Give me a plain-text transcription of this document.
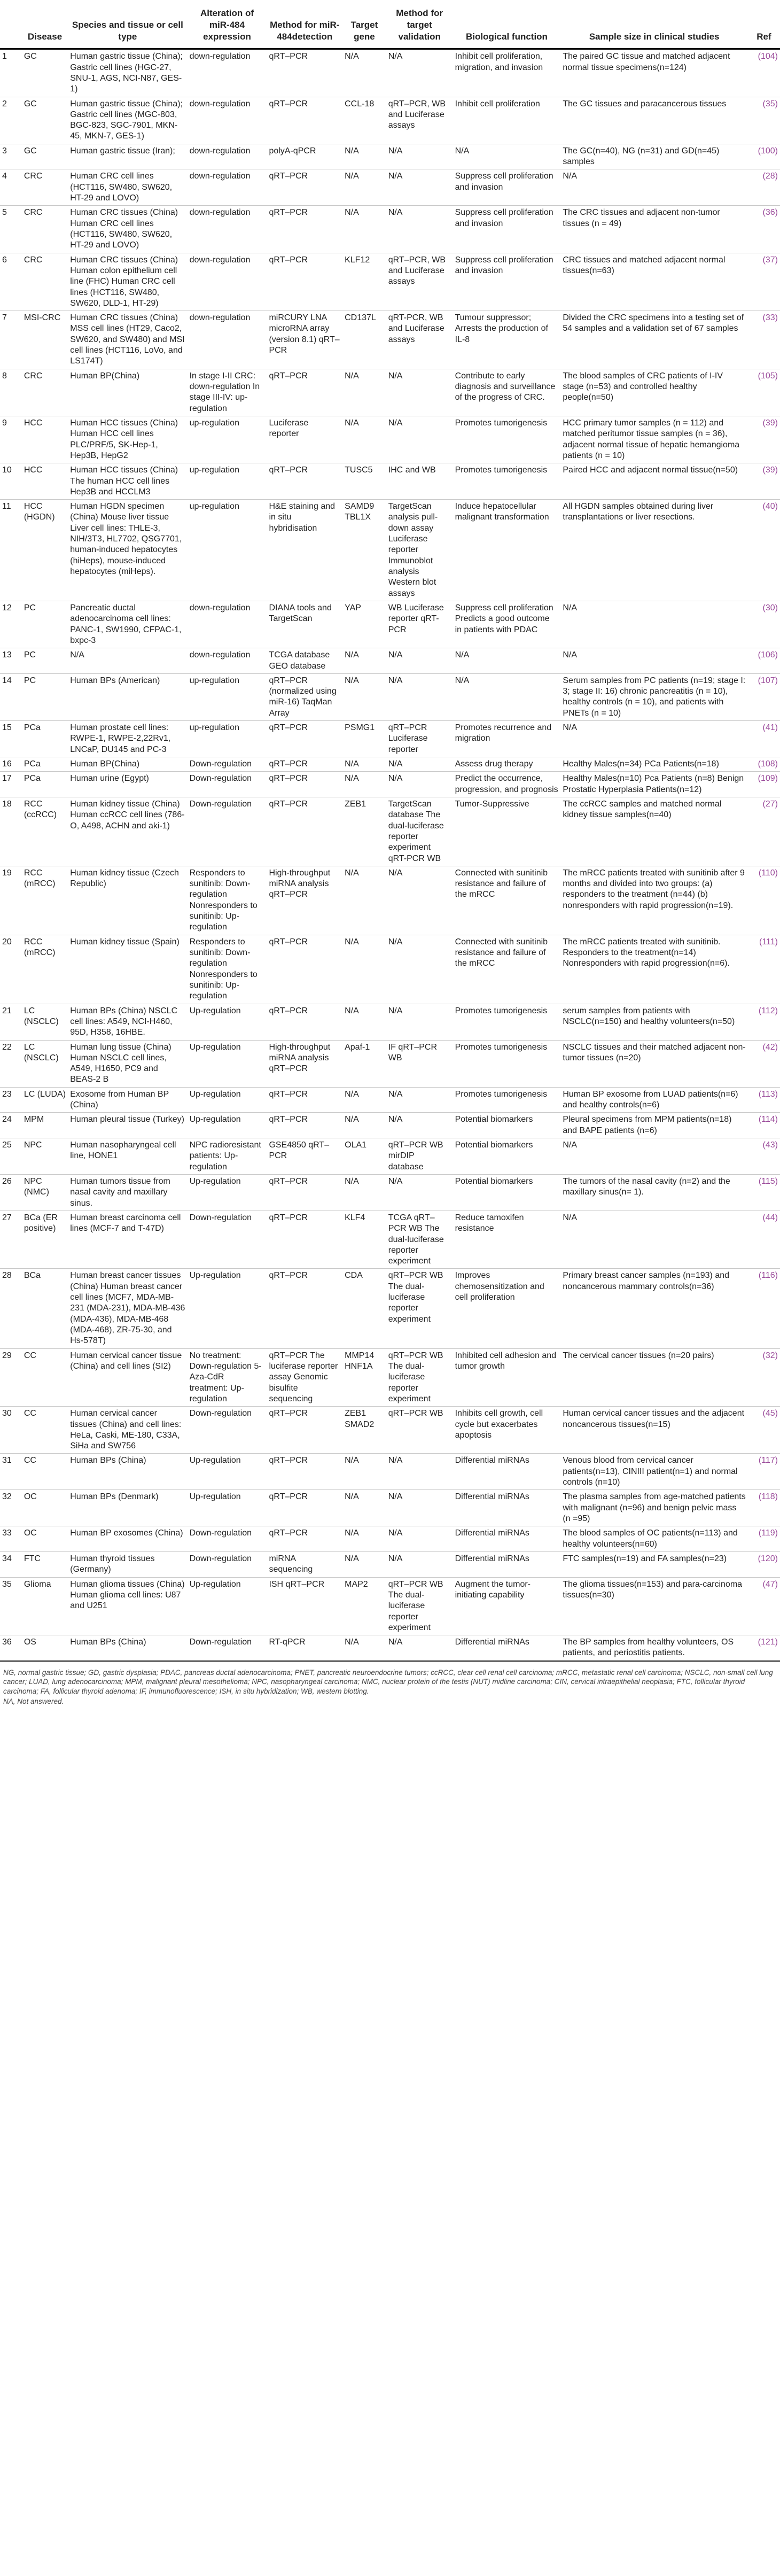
	Disease	Species and tissue or cell type	Alteration of miR-484 expression	Method for miR-484detection	Target gene	Method for target validation	Biological function	Sample size in clinical studies	Ref
1	GC	Human gastric tissue (China); Gastric cell lines (HGC-27, SNU-1, AGS, NCI-N87, GES-1)	down-regulation	qRT–PCR	N/A	N/A	Inhibit cell proliferation, migration, and invasion	The paired GC tissue and matched adjacent normal tissue specimens(n=124)	(104)
2	GC	Human gastric tissue (China); Gastric cell lines (MGC-803, BGC-823, SGC-7901, MKN-45, MKN-7, GES-1)	down-regulation	qRT–PCR	CCL-18	qRT–PCR, WB and Luciferase assays	Inhibit cell proliferation	The GC tissues and paracancerous tissues	(35)
3	GC	Human gastric tissue (Iran);	down-regulation	polyA-qPCR	N/A	N/A	N/A	The GC(n=40), NG (n=31) and GD(n=45) samples	(100)
4	CRC	Human CRC cell lines (HCT116, SW480, SW620, HT-29 and LOVO)	down-regulation	qRT–PCR	N/A	N/A	Suppress cell proliferation and invasion	N/A	(28)
5	CRC	Human CRC tissues (China) Human CRC cell lines (HCT116, SW480, SW620, HT-29 and LOVO)	down-regulation	qRT–PCR	N/A	N/A	Suppress cell proliferation and invasion	The CRC tissues and adjacent non-tumor tissues (n = 49)	(36)
6	CRC	Human CRC tissues (China) Human colon epithelium cell line (FHC) Human CRC cell lines (HCT116, SW480, SW620, DLD-1, HT-29)	down-regulation	qRT–PCR	KLF12	qRT–PCR, WB and Luciferase assays	Suppress cell proliferation and invasion	CRC tissues and matched adjacent normal tissues(n=63)	(37)
7	MSI-CRC	Human CRC tissues (China) MSS cell lines (HT29, Caco2, SW620, and SW480) and MSI cell lines (HCT116, LoVo, and LS174T)	down-regulation	miRCURY LNA microRNA array (version 8.1) qRT–PCR	CD137L	qRT-PCR, WB and Luciferase assays	Tumour suppressor; Arrests the production of IL-8	Divided the CRC specimens into a testing set of 54 samples and a validation set of 67 samples	(33)
8	CRC	Human BP(China)	In stage I-II CRC: down-regulation In stage III-IV: up-regulation	qRT–PCR	N/A	N/A	Contribute to early diagnosis and surveillance of the progress of CRC.	The blood samples of CRC patients of I-IV stage (n=53) and controlled healthy people(n=50)	(105)
9	HCC	Human HCC tissues (China) Human HCC cell lines PLC/PRF/5, SK-Hep-1, Hep3B, HepG2	up-regulation	Luciferase reporter	N/A	N/A	Promotes tumorigenesis	HCC primary tumor samples (n = 112) and matched peritumor tissue samples (n = 36), adjacent normal tissue of hepatic hemangioma patients (n = 10)	(39)
10	HCC	Human HCC tissues (China) The human HCC cell lines Hep3B and HCCLM3	up-regulation	qRT–PCR	TUSC5	IHC and WB	Promotes tumorigenesis	Paired HCC and adjacent normal tissue(n=50)	(39)
11	HCC (HGDN)	Human HGDN specimen (China) Mouse liver tissue Liver cell lines: THLE-3, NIH/3T3, HL7702, QSG7701, human-induced hepatocytes (hiHeps), mouse-induced hepatocytes (miHeps).	up-regulation	H&E staining and in situ hybridisation	SAMD9 TBL1X	TargetScan analysis pull-down assay Luciferase reporter Immunoblot analysis Western blot assays	Induce hepatocellular malignant transformation	All HGDN samples obtained during liver transplantations or liver resections.	(40)
12	PC	Pancreatic ductal adenocarcinoma cell lines: PANC-1, SW1990, CFPAC-1, bxpc-3	down-regulation	DIANA tools and TargetScan	YAP	WB Luciferase reporter qRT-PCR	Suppress cell proliferation Predicts a good outcome in patients with PDAC	N/A	(30)
13	PC	N/A	down-regulation	TCGA database GEO database	N/A	N/A	N/A	N/A	(106)
14	PC	Human BPs (American)	up-regulation	qRT–PCR (normalized using miR-16) TaqMan Array	N/A	N/A	N/A	Serum samples from PC patients (n=19; stage I: 3; stage II: 16) chronic pancreatitis (n = 10), healthy controls (n = 10), and patients with PNETs (n = 10)	(107)
15	PCa	Human prostate cell lines: RWPE-1, RWPE-2,22Rv1, LNCaP, DU145 and PC-3	up-regulation	qRT–PCR	PSMG1	qRT–PCR Luciferase reporter	Promotes recurrence and migration	N/A	(41)
16	PCa	Human BP(China)	Down-regulation	qRT–PCR	N/A	N/A	Assess drug therapy	Healthy Males(n=34) PCa Patients(n=18)	(108)
17	PCa	Human urine (Egypt)	Down-regulation	qRT–PCR	N/A	N/A	Predict the occurrence, progression, and prognosis	Healthy Males(n=10) Pca Patients (n=8) Benign Prostatic Hyperplasia Patients(n=12)	(109)
18	RCC (ccRCC)	Human kidney tissue (China) Human ccRCC cell lines (786-O, A498, ACHN and aki-1)	Down-regulation	qRT–PCR	ZEB1	TargetScan database The dual-luciferase reporter experiment qRT-PCR WB	Tumor-Suppressive	The ccRCC samples and matched normal kidney tissue samples(n=40)	(27)
19	RCC (mRCC)	Human kidney tissue (Czech Republic)	Responders to sunitinib: Down-regulation Nonresponders to sunitinib: Up-regulation	High-throughput miRNA analysis qRT–PCR	N/A	N/A	Connected with sunitinib resistance and failure of the mRCC	The mRCC patients treated with sunitinib after 9 months and divided into two groups: (a) responders to the treatment (n=44) (b) nonresponders with rapid progression(n=19).	(110)
20	RCC (mRCC)	Human kidney tissue (Spain)	Responders to sunitinib: Down-regulation Nonresponders to sunitinib: Up-regulation	qRT–PCR	N/A	N/A	Connected with sunitinib resistance and failure of the mRCC	The mRCC patients treated with sunitinib. Responders to the treatment(n=14) Nonresponders with rapid progression(n=6).	(111)
21	LC (NSCLC)	Human BPs (China) NSCLC cell lines: A549, NCI-H460, 95D, H358, 16HBE.	Up-regulation	qRT–PCR	N/A	N/A	Promotes tumorigenesis	serum samples from patients with NSCLC(n=150) and healthy volunteers(n=50)	(112)
22	LC (NSCLC)	Human lung tissue (China) Human NSCLC cell lines, A549, H1650, PC9 and BEAS-2 B	Up-regulation	High-throughput miRNA analysis qRT–PCR	Apaf-1	IF qRT–PCR WB	Promotes tumorigenesis	NSCLC tissues and their matched adjacent non-tumor tissues (n=20)	(42)
23	LC (LUDA)	Exosome from Human BP (China)	Up-regulation	qRT–PCR	N/A	N/A	Promotes tumorigenesis	Human BP exosome from LUAD patients(n=6) and healthy controls(n=6)	(113)
24	MPM	Human pleural tissue (Turkey)	Up-regulation	qRT–PCR	N/A	N/A	Potential biomarkers	Pleural specimens from MPM patients(n=18) and BAPE patients (n=6)	(114)
25	NPC	Human nasopharyngeal cell line, HONE1	NPC radioresistant patients: Up-regulation	GSE4850 qRT–PCR	OLA1	qRT–PCR WB mirDIP database	Potential biomarkers	N/A	(43)
26	NPC (NMC)	Human tumors tissue from nasal cavity and maxillary sinus.	Up-regulation	qRT–PCR	N/A	N/A	Potential biomarkers	The tumors of the nasal cavity (n=2) and the maxillary sinus(n= 1).	(115)
27	BCa (ER positive)	Human breast carcinoma cell lines (MCF-7 and T-47D)	Down-regulation	qRT–PCR	KLF4	TCGA qRT–PCR WB The dual-luciferase reporter experiment	Reduce tamoxifen resistance	N/A	(44)
28	BCa	Human breast cancer tissues (China) Human breast cancer cell lines (MCF7, MDA-MB-231 (MDA-231), MDA-MB-436 (MDA-436), MDA-MB-468 (MDA-468), ZR-75-30, and Hs-578T)	Up-regulation	qRT–PCR	CDA	qRT–PCR WB The dual-luciferase reporter experiment	Improves chemosensitization and cell proliferation	Primary breast cancer samples (n=193) and noncancerous mammary controls(n=36)	(116)
29	CC	Human cervical cancer tissue (China) and cell lines (SI2)	No treatment: Down-regulation 5-Aza-CdR treatment: Up-regulation	qRT–PCR The luciferase reporter assay Genomic bisulfite sequencing	MMP14 HNF1A	qRT–PCR WB The dual-luciferase reporter experiment	Inhibited cell adhesion and tumor growth	The cervical cancer tissues (n=20 pairs)	(32)
30	CC	Human cervical cancer tissues (China) and cell lines: HeLa, Caski, ME-180, C33A, SiHa and SW756	Down-regulation	qRT–PCR	ZEB1 SMAD2	qRT–PCR WB	Inhibits cell growth, cell cycle but exacerbates apoptosis	Human cervical cancer tissues and the adjacent noncancerous tissues(n=15)	(45)
31	CC	Human BPs (China)	Up-regulation	qRT–PCR	N/A	N/A	Differential miRNAs	Venous blood from cervical cancer patients(n=13), CINIII patient(n=1) and normal controls (n=10)	(117)
32	OC	Human BPs (Denmark)	Up-regulation	qRT–PCR	N/A	N/A	Differential miRNAs	The plasma samples from age-matched patients with malignant (n=96) and benign pelvic mass (n =95)	(118)
33	OC	Human BP exosomes (China)	Down-regulation	qRT–PCR	N/A	N/A	Differential miRNAs	The blood samples of OC patients(n=113) and healthy volunteers(n=60)	(119)
34	FTC	Human thyroid tissues (Germany)	Down-regulation	miRNA sequencing	N/A	N/A	Differential miRNAs	FTC samples(n=19) and FA samples(n=23)	(120)
35	Glioma	Human glioma tissues (China) Human glioma cell lines: U87 and U251	Up-regulation	ISH qRT–PCR	MAP2	qRT–PCR WB The dual-luciferase reporter experiment	Augment the tumor-initiating capability	The glioma tissues(n=153) and para-carcinoma tissues(n=30)	(47)
36	OS	Human BPs (China)	Down-regulation	RT-qPCR	N/A	N/A	Differential miRNAs	The BP samples from healthy volunteers, OS patients, and periostitis patients.	(121)
NG, normal gastric tissue; GD, gastric dysplasia; PDAC, pancreas ductal adenocarcinoma; PNET, pancreatic neuroendocrine tumors; ccRCC, clear cell renal cell carcinoma; mRCC, metastatic renal cell carcinoma; NSCLC, non-small cell lung cancer; LUAD, lung adenocarcinoma; MPM, malignant pleural mesothelioma; NPC, nasopharyngeal carcinoma; NMC, nuclear protein of the testis (NUT) midline carcinoma; CIN, cervical intraepithelial neoplasia; FTC, follicular thyroid carcinoma; FA, follicular thyroid adenoma; IF, immunofluorescence; ISH, in situ hybridization; WB, western blotting.
NA, Not answered.
